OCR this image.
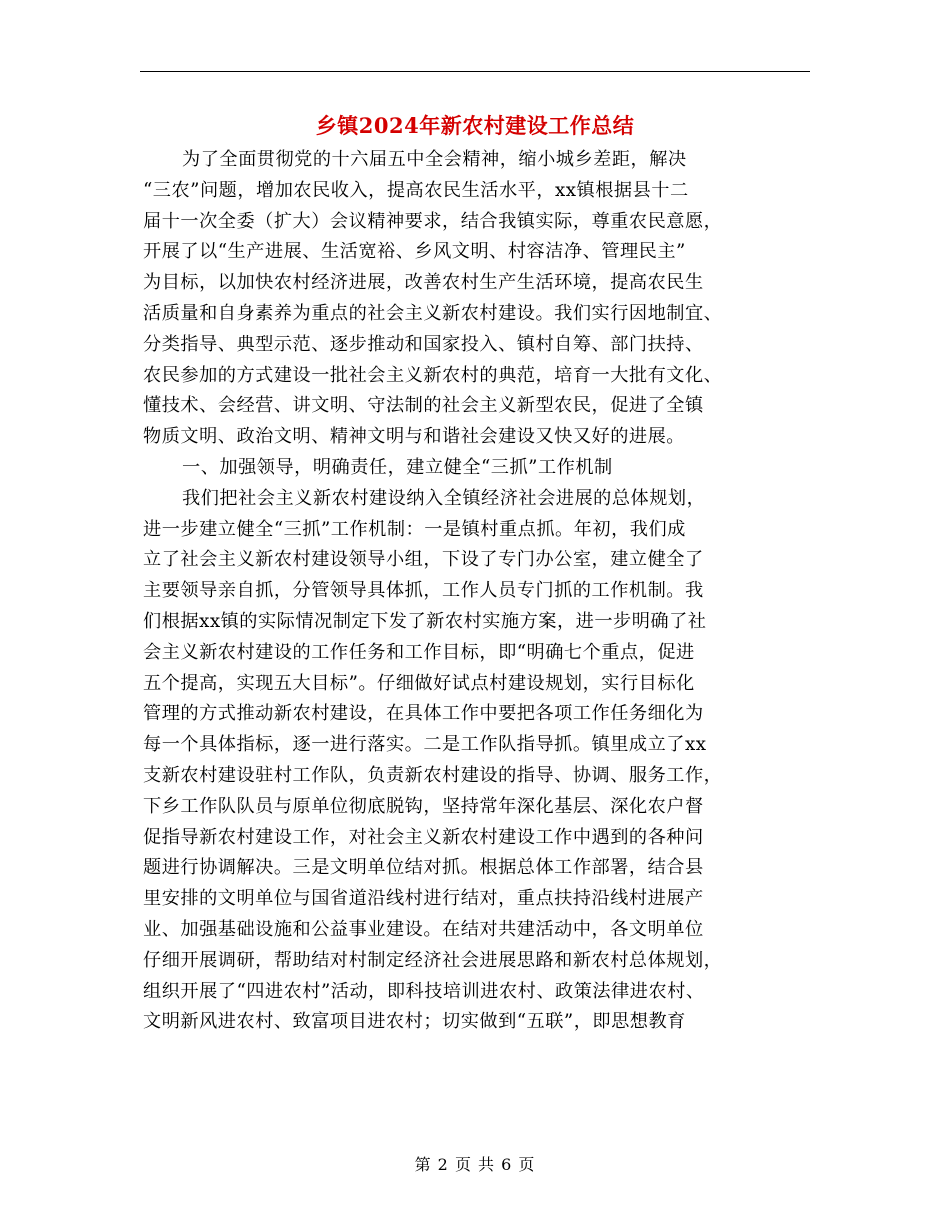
乡镇2024年新农村建设工作总结
为了全面贯彻党的十六届五中全会精神，缩小城乡差距，解决
“三农”问题，增加农民收入，提高农民生活水平，xx镇根据县十二
届十一次全委（扩大）会议精神要求，结合我镇实际，尊重农民意愿，
开展了以“生产进展、生活宽裕、乡风文明、村容洁净、管理民主”
为目标，以加快农村经济进展，改善农村生产生活环境，提高农民生
活质量和自身素养为重点的社会主义新农村建设。我们实行因地制宜、
分类指导、典型示范、逐步推动和国家投入、镇村自筹、部门扶持、
农民参加的方式建设一批社会主义新农村的典范，培育一大批有文化、
懂技术、会经营、讲文明、守法制的社会主义新型农民，促进了全镇
物质文明、政治文明、精神文明与和谐社会建设又快又好的进展。
一、加强领导，明确责任，建立健全“三抓”工作机制
我们把社会主义新农村建设纳入全镇经济社会进展的总体规划，
进一步建立健全“三抓”工作机制：一是镇村重点抓。年初，我们成
立了社会主义新农村建设领导小组，下设了专门办公室，建立健全了
主要领导亲自抓，分管领导具体抓，工作人员专门抓的工作机制。我
们根据xx镇的实际情况制定下发了新农村实施方案，进一步明确了社
会主义新农村建设的工作任务和工作目标，即“明确七个重点，促进
五个提高，实现五大目标”。仔细做好试点村建设规划，实行目标化
管理的方式推动新农村建设，在具体工作中要把各项工作任务细化为
每一个具体指标，逐一进行落实。二是工作队指导抓。镇里成立了xx
支新农村建设驻村工作队，负责新农村建设的指导、协调、服务工作，
下乡工作队队员与原单位彻底脱钩，坚持常年深化基层、深化农户督
促指导新农村建设工作，对社会主义新农村建设工作中遇到的各种问
题进行协调解决。三是文明单位结对抓。根据总体工作部署，结合县
里安排的文明单位与国省道沿线村进行结对，重点扶持沿线村进展产
业、加强基础设施和公益事业建设。在结对共建活动中，各文明单位
仔细开展调研，帮助结对村制定经济社会进展思路和新农村总体规划，
组织开展了“四进农村”活动，即科技培训进农村、政策法律进农村、
文明新风进农村、致富项目进农村；切实做到“五联”，即思想教育
第 2 页 共 6 页
